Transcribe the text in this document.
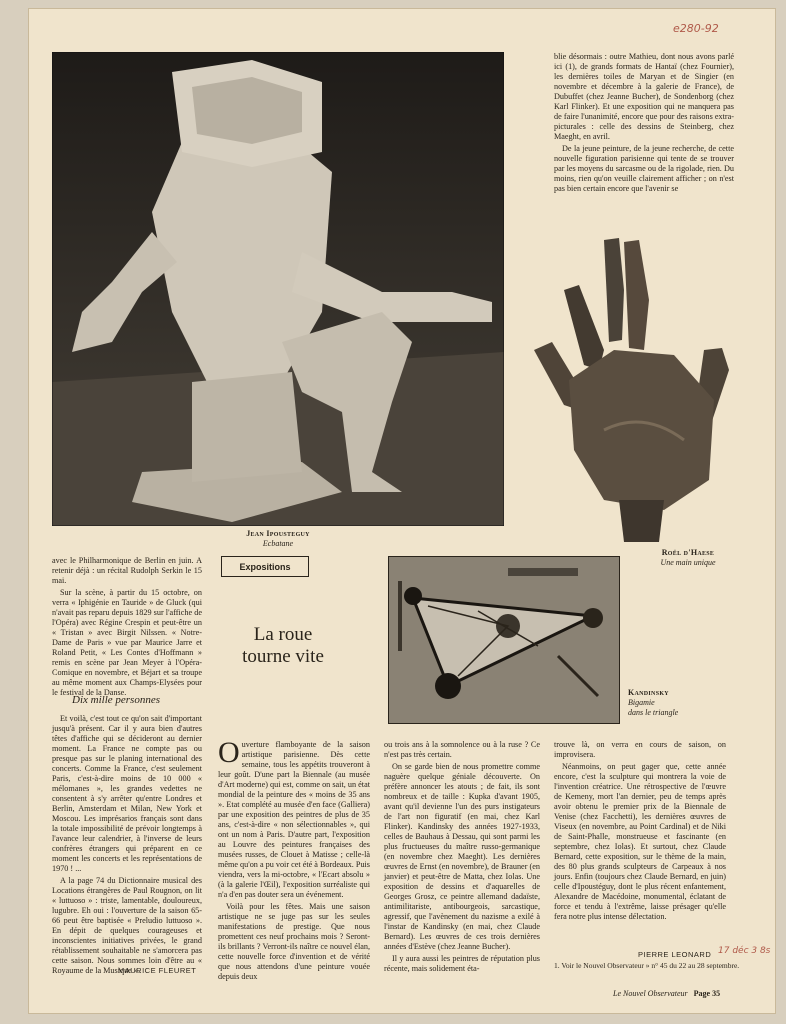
e280-92
Jean Ipousteguy
Ecbatane
Roël d'Haese
Une main unique

blie désormais : outre Mathieu, dont nous avons parlé ici (1), de grands formats de Hantaï (chez Fournier), les dernières toiles de Maryan et de Singier (en novembre et décembre à la galerie de France), de Dubuffet (chez Jeanne Bucher), de Sondenborg (chez Karl Flinker). Et une exposition qui ne manquera pas de faire l'unanimité, encore que pour des raisons extra-picturales : celle des dessins de Steinberg, chez Maeght, en avril.

De la jeune peinture, de la jeune recherche, de cette nouvelle figuration parisienne qui tente de se trouver par les moyens du sarcasme ou de la rigolade, rien. Du moins, rien qu'on veuille clairement afficher ; on n'est pas bien certain encore que l'avenir se

avec le Philharmonique de Berlin en juin. A retenir déjà : un récital Rudolph Serkin le 15 mai.

Sur la scène, à partir du 15 octobre, on verra « Iphigénie en Tauride » de Gluck (qui n'avait pas reparu depuis 1829 sur l'affiche de l'Opéra) avec Régine Crespin et peut-être un « Tristan » avec Birgit Nilssen. « Notre-Dame de Paris » vue par Maurice Jarre et Roland Petit, « Les Contes d'Hoffmann » remis en scène par Jean Meyer à l'Opéra-Comique en novembre, et Béjart et sa troupe au même moment aux Champs-Elysées pour le festival de la Danse.

Expositions
La roue tourne vite
Dix mille personnes

Et voilà, c'est tout ce qu'on sait d'important jusqu'à présent. Car il y aura bien d'autres têtes d'affiche qui se décideront au dernier moment. La France ne compte pas ou presque pas sur le planing international des concerts. Comme la France, c'est seulement Paris, c'est-à-dire moins de 10 000 « mélomanes », les grandes vedettes ne consentent à s'y arrêter qu'entre Londres et Berlin, Amsterdam et Milan, New York et Moscou. Les imprésarios français sont dans la totale impossibilité de prévoir longtemps à l'avance leur calendrier, à l'inverse de leurs confrères étrangers qui préparent en ce moment les concerts et les représentations de 1970 ! ...

A la page 74 du Dictionnaire musical des Locations étrangères de Paul Rougnon, on lit « luttuoso » : triste, lamentable, douloureux, lugubre. Eh oui : l'ouverture de la saison 65-66 peut être baptisée « Preludio luttuoso ». En dépit de quelques courageuses et inconscientes initiatives privées, le grand rétablissement souhaitable ne s'amorcera pas cette saison. Nous sommes loin d'être au « Royaume de la Musique ».

MAURICE FLEURET
Kandinsky
Bigamie
dans le triangle

Ouverture flamboyante de la saison artistique parisienne. Dès cette semaine, tous les appétits trouveront à leur goût. D'une part la Biennale (au musée d'Art moderne) qui est, comme on sait, un état mondial de la peinture des « moins de 35 ans ». Etat complété au musée d'en face (Galliera) par une exposition des peintres de plus de 35 ans, c'est-à-dire « non sélectionnables », qui ont un nom à Paris. D'autre part, l'exposition au Louvre des peintures françaises des musées russes, de Clouet à Matisse ; celle-là même qu'on a pu voir cet été à Bordeaux. Puis viendra, vers la mi-octobre, « l'Ecart absolu » (à la galerie l'Œil), l'exposition surréaliste qui n'a d'en pas douter sera un événement.

Voilà pour les fêtes. Mais une saison artistique ne se juge pas sur les seules manifestations de prestige. Que nous promettent ces neuf prochains mois ? Seront-ils brillants ? Verront-ils naître ce nouvel élan, cette nouvelle force d'invention et de vérité que nous attendons d'une peinture vouée depuis deux

ou trois ans à la somnolence ou à la ruse ? Ce n'est pas très certain.

On se garde bien de nous promettre comme naguère quelque géniale découverte. On préfère annoncer les atouts ; de fait, ils sont nombreux et de taille : Kupka d'avant 1905, avant qu'il devienne l'un des purs instigateurs de l'art non figuratif (en mai, chez Karl Flinker). Kandinsky des années 1927-1933, celles de Bauhaus à Dessau, qui sont parmi les plus fructueuses du maître russo-germanique (en novembre chez Maeght). Les dernières œuvres de Ernst (en novembre), de Brauner (en janvier) et peut-être de Matta, chez Iolas. Une exposition de dessins et d'aquarelles de Georges Grosz, ce peintre allemand dadaïste, antimilitariste, antibourgeois, sarcastique, agressif, que l'avènement du nazisme a exilé à l'instar de Kandinsky (en mai, chez Claude Bernard). Les œuvres de ces trois dernières années d'Estève (chez Jeanne Bucher).

Il y aura aussi les peintres de réputation plus récente, mais solidement éta-

trouve là, on verra en cours de saison, on improvisera.

Néanmoins, on peut gager que, cette année encore, c'est la sculpture qui montrera la voie de l'invention créatrice. Une rétrospective de l'œuvre de Kemeny, mort l'an dernier, peu de temps après avoir obtenu le premier prix de la Biennale de Venise (chez Facchetti), les dernières œuvres de Viseux (en novembre, au Point Cardinal) et de Niki de Saint-Phalle, monstrueuse et fascinante (en septembre, chez Iolas). Et surtout, chez Claude Bernard, cette exposition, sur le thème de la main, des 80 plus grands sculpteurs de Carpeaux à nos jours. Enfin (toujours chez Claude Bernard, en juin) celle d'Ipoustéguy, dont le plus récent enfantement, Alexandre de Macédoine, monumental, éclatant de force et tendu à l'extrême, laisse présager qu'elle fera notre plus intense délectation.

PIERRE LEONARD
1. Voir le Nouvel Observateur » n° 45 du 22 au 28 septembre.
17 déc 3 8s
Le Nouvel Observateur Page 35
